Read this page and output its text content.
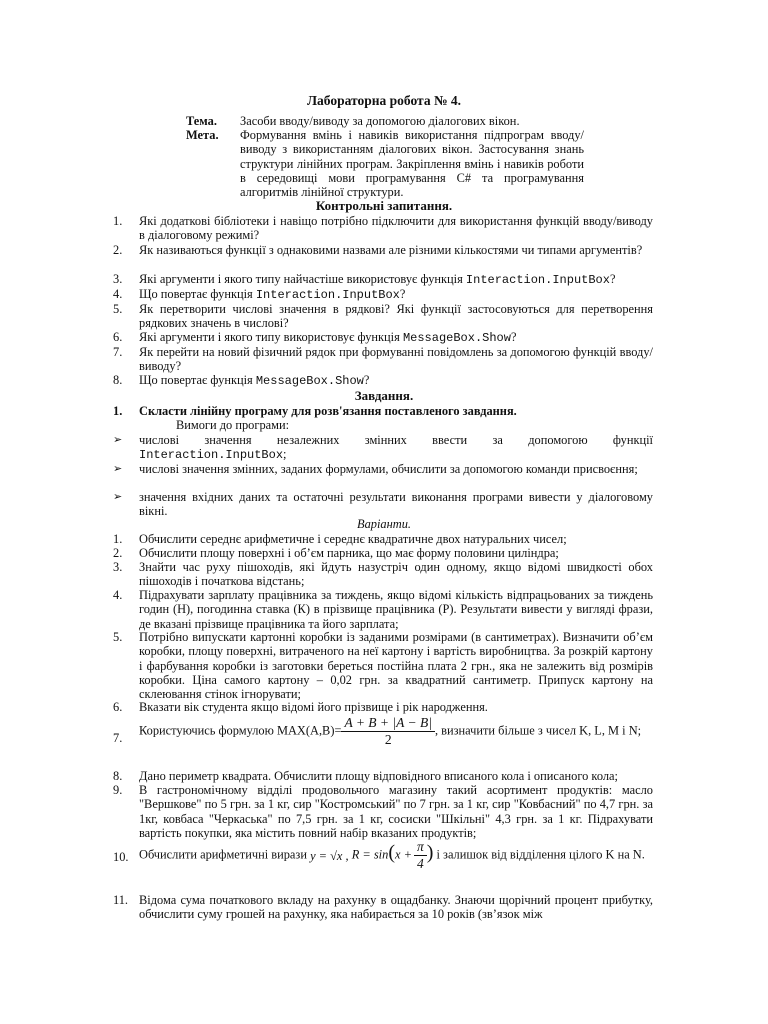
Лабораторна робота № 4.
Тема. Засоби вводу/виводу за допомогою діалогових вікон.
Мета. Формування вмінь і навиків використання підпрограм вводу/виводу з використанням діалогових вікон. Застосування знань структури лінійних програм. Закріплення вмінь і навиків роботи в середовищі мови програмування C# та програмування алгоритмів лінійної структури.
Контрольні запитання.
1. Які додаткові бібліотеки і навіщо потрібно підключити для використання функцій вводу/виводу в діалоговому режимі?
2. Як називаються функції з однаковими назвами але різними кількостями чи типами аргументів?
3. Які аргументи і якого типу найчастіше використовує функція Interaction.InputBox?
4. Що повертає функція Interaction.InputBox?
5. Як перетворити числові значення в рядкові? Які функції застосовуються для перетворення рядкових значень в числові?
6. Які аргументи і якого типу використовує функція MessageBox.Show?
7. Як перейти на новий фізичний рядок при формуванні повідомлень за допомогою функцій вводу/виводу?
8. Що повертає функція MessageBox.Show?
Завдання.
1. Скласти лінійну програму для розв'язання поставленого завдання.
Вимоги до програми:
➢ числові значення незалежних змінних ввести за допомогою функції
Interaction.InputBox;
➢ числові значення змінних, заданих формулами, обчислити за допомогою команди присвоєння;
➢ значення вхідних даних та остаточні результати виконання програми вивести у діалоговому вікні.
Варіанти.
1. Обчислити середнє арифметичне і середнє квадратичне двох натуральних чисел;
2. Обчислити площу поверхні і об’єм парника, що має форму половини циліндра;
3. Знайти час руху пішоходів, які йдуть назустріч один одному, якщо відомі швидкості обох пішоходів і початкова відстань;
4. Підрахувати зарплату працівника за тиждень, якщо відомі кількість відпрацьованих за тиждень годин (Н), погодинна ставка (К) в прізвище працівника (Р). Результати вивести у вигляді фрази, де вказані прізвище працівника та його зарплата;
5. Потрібно випускати картонні коробки із заданими розмірами (в сантиметрах). Визначити об’єм коробки, площу поверхні, витраченого на неї картону і вартість виробництва. За розкрій картону і фарбування коробки із заготовки береться постійна плата 2 грн., яка не залежить від розмірів коробки. Ціна самого картону – 0,02 грн. за квадратний сантиметр. Припуск картону на склеювання стінок ігнорувати;
6. Вказати вік студента якщо відомі його прізвище і рік народження.
7.
Користуючись формулою $MAX(A,B)= \frac{A + B + |A - B|}{2}$ , визначити більше з чисел K, L, M i N;
8. Дано периметр квадрата. Обчислити площу відповідного вписаного кола і описаного кола;
9. В гастрономічному відділі продовольчого магазину такий асортимент продуктів: масло "Вершкове" по 5 грн. за 1 кг, сир "Костромський" по 7 грн. за 1 кг, сир "Ковбасний" по 4,7 грн. за 1кг, ковбаса "Черкаська" по 7,5 грн. за 1 кг, сосиски "Шкільні" 4,3 грн. за 1 кг. Підрахувати вартість покупки, яка містить повний набір вказаних продуктів;
10. Обчислити арифметичні вирази y = √x , $R = \sin(x + \frac{\pi}{4}$ ) і залишок від відділення цілого K на N.
11. Відома сума початкового вкладу на рахунку в ощадбанку. Знаючи щорічний процент прибутку, обчислити суму грошей на рахунку, яка набирається за 10 років (зв’язок між
